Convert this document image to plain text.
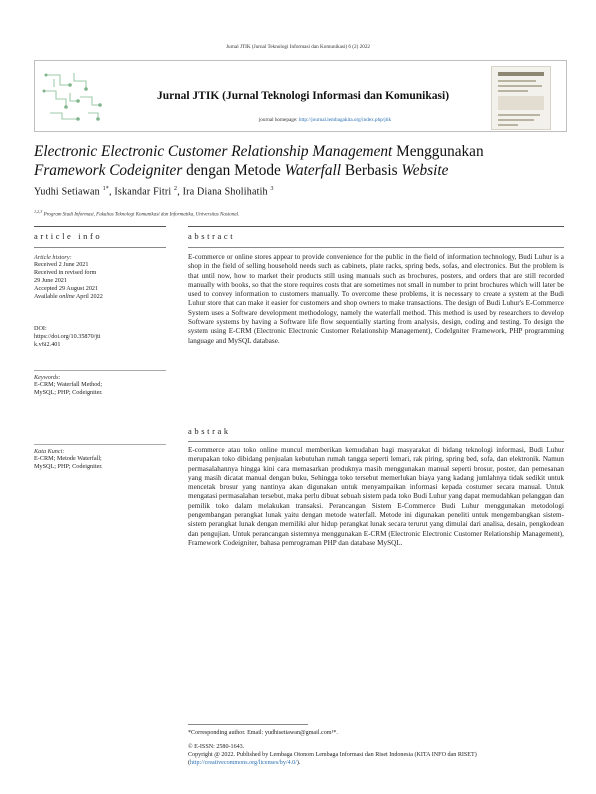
Jurnal JTIK (Jurnal Teknologi Informasi dan Komunikasi) 6 (2) 2022
Jurnal JTIK (Jurnal Teknologi Informasi dan Komunikasi)
journal homepage: http://journal.lembagakita.org/index.php/jtik
Electronic Electronic Customer Relationship Management Menggunakan
Framework Codeigniter dengan Metode Waterfall Berbasis Website
Yudhi Setiawan $^{1*}$, Iskandar Fitri $^2$, Ira Diana Sholihatih $^3$
$^{1,2,3}$ Program Studi Informasi, Fakultas Teknologi Komunikasi dan Informatika, Universitas Nasional.
article info	abstract
Article history:
Received 2 June 2021
Received in revised form
29 June 2021
Accepted 29 August 2021
Available online April 2022
DOI:
https://doi.org/10.35870/jti
k.v6i2.401
Keywords:
E-CRM; Waterfall Method;
MySQL; PHP; Codeigniter.
Kata Kunci:
E-CRM; Metode Waterfall;
MySQL; PHP; Codeigniter.
E-commerce or online stores appear to provide convenience for the public in the field of information technology, Budi Luhur is a shop in the field of selling household needs such as cabinets, plate racks, spring beds, sofas, and electronics. But the problem is that until now, how to market their products still using manuals such as brochures, posters, and orders that are still recorded manually with books, so that the store requires costs that are sometimes not small in number to print brochures which will later be used to convey information to customers manually. To overcome these problems, it is necessary to create a system at the Budi Luhur store that can make it easier for customers and shop owners to make transactions. The design of Budi Luhur's E-Commerce System uses a Software development methodology, namely the waterfall method. This method is used by researchers to develop Software systems by having a Software life flow sequentially starting from analysis, design, coding and testing. To design the system using E-CRM (Electronic Electronic Customer Relationship Management), CodeIgniter Framework, PHP programming language and MySQL database.
abstrak
E-commerce atau toko online muncul memberikan kemudahan bagi masyarakat di bidang teknologi informasi, Budi Luhur merupakan toko dibidang penjualan kebutuhan rumah tangga seperti lemari, rak piring, spring bed, sofa, dan elektronik. Namun permasalahannya hingga kini cara memasarkan produknya masih menggunakan manual seperti brosur, poster, dan pemesanan yang masih dicatat manual dengan buku, Sehingga toko tersebut memerlukan biaya yang kadang jumlahnya tidak sedikit untuk mencetak brosur yang nantinya akan digunakan untuk menyampaikan informasi kepada costumer secara manual. Untuk mengatasi permasalahan tersebut, maka perlu dibuat sebuah sistem pada toko Budi Luhur yang dapat memudahkan pelanggan dan pemilik toko dalam melakukan transaksi. Perancangan Sistem E-Commerce Budi Luhur menggunakan metodologi pengembangan perangkat lunak yaitu dengan metode waterfall. Metode ini digunakan peneliti untuk mengembangkan sistem-sistem perangkat lunak dengan memiliki alur hidup perangkat lunak secara terurut yang dimulai dari analisa, desain, pengkodean dan pengujian. Untuk perancangan sistemnya menggunakan E-CRM (Electronic Electronic Customer Relationship Management), Framework Codeigniter, bahasa pemrograman PHP dan database MySQL.
*Corresponding author. Email: yudhisetiawan@gmail.com¹*.
© E-ISSN: 2580-1643.
Copyright @ 2022. Published by Lembaga Otonom Lembaga Informasi dan Riset Indonesia (KITA INFO dan RISET)
(http://creativecommons.org/licenses/by/4.0/).
